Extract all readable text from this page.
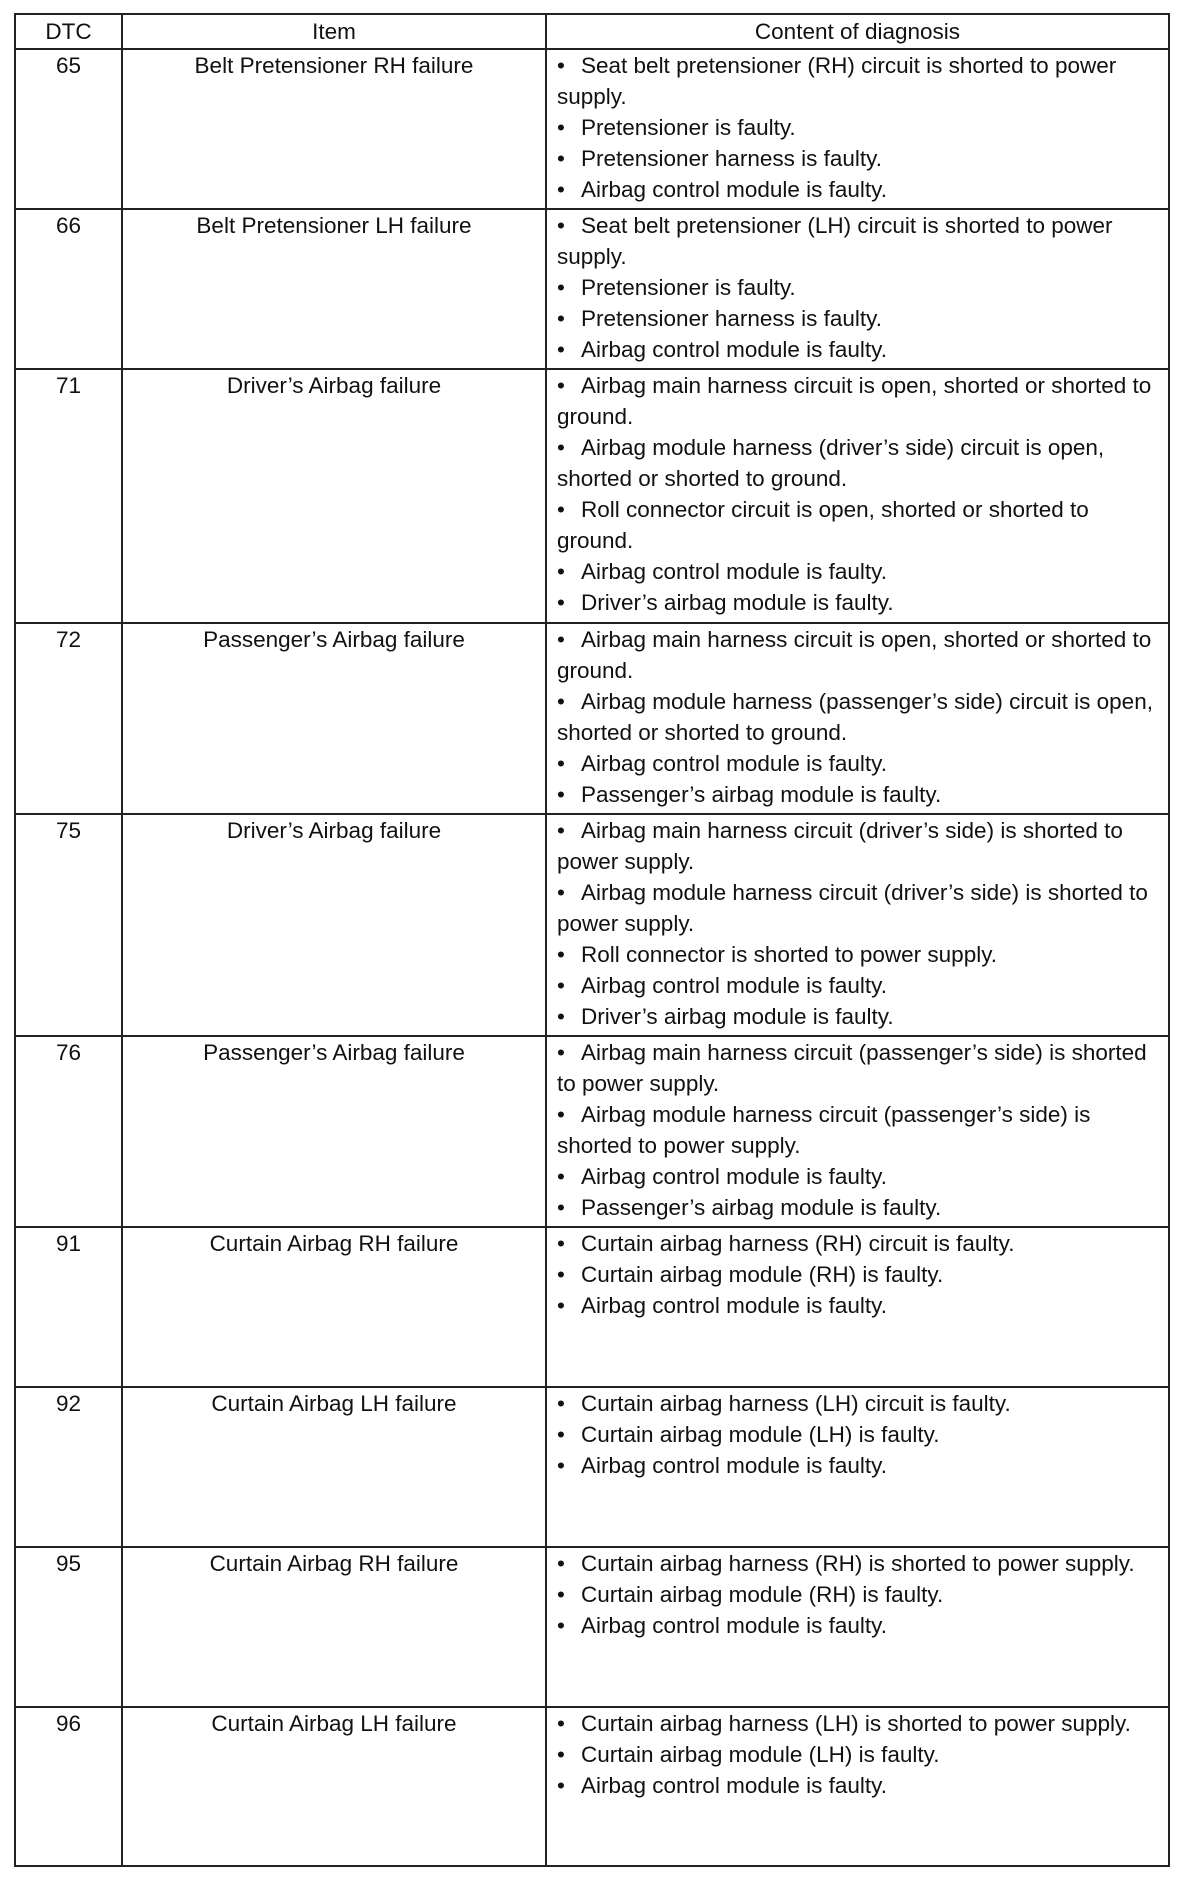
DTC	Item	Content of diagnosis
65	Belt Pretensioner RH failure	• Seat belt pretensioner (RH) circuit is shorted to power supply.
• Pretensioner is faulty.
• Pretensioner harness is faulty.
• Airbag control module is faulty.

66	Belt Pretensioner LH failure	• Seat belt pretensioner (LH) circuit is shorted to power supply.
• Pretensioner is faulty.
• Pretensioner harness is faulty.
• Airbag control module is faulty.

71	Driver’s Airbag failure	• Airbag main harness circuit is open, shorted or shorted to ground.
• Airbag module harness (driver’s side) circuit is open, shorted or shorted to ground.
• Roll connector circuit is open, shorted or shorted to ground.
• Airbag control module is faulty.
• Driver’s airbag module is faulty.

72	Passenger’s Airbag failure	• Airbag main harness circuit is open, shorted or shorted to ground.
• Airbag module harness (passenger’s side) circuit is open, shorted or shorted to ground.
• Airbag control module is faulty.
• Passenger’s airbag module is faulty.

75	Driver’s Airbag failure	• Airbag main harness circuit (driver’s side) is shorted to power supply.
• Airbag module harness circuit (driver’s side) is shorted to power supply.
• Roll connector is shorted to power supply.
• Airbag control module is faulty.
• Driver’s airbag module is faulty.

76	Passenger’s Airbag failure	• Airbag main harness circuit (passenger’s side) is shorted to power supply.
• Airbag module harness circuit (passenger’s side) is shorted to power supply.
• Airbag control module is faulty.
• Passenger’s airbag module is faulty.

91	Curtain Airbag RH failure	• Curtain airbag harness (RH) circuit is faulty.
• Curtain airbag module (RH) is faulty.
• Airbag control module is faulty.

92	Curtain Airbag LH failure	• Curtain airbag harness (LH) circuit is faulty.
• Curtain airbag module (LH) is faulty.
• Airbag control module is faulty.

95	Curtain Airbag RH failure	• Curtain airbag harness (RH) is shorted to power supply.
• Curtain airbag module (RH) is faulty.
• Airbag control module is faulty.

96	Curtain Airbag LH failure	• Curtain airbag harness (LH) is shorted to power supply.
• Curtain airbag module (LH) is faulty.
• Airbag control module is faulty.
